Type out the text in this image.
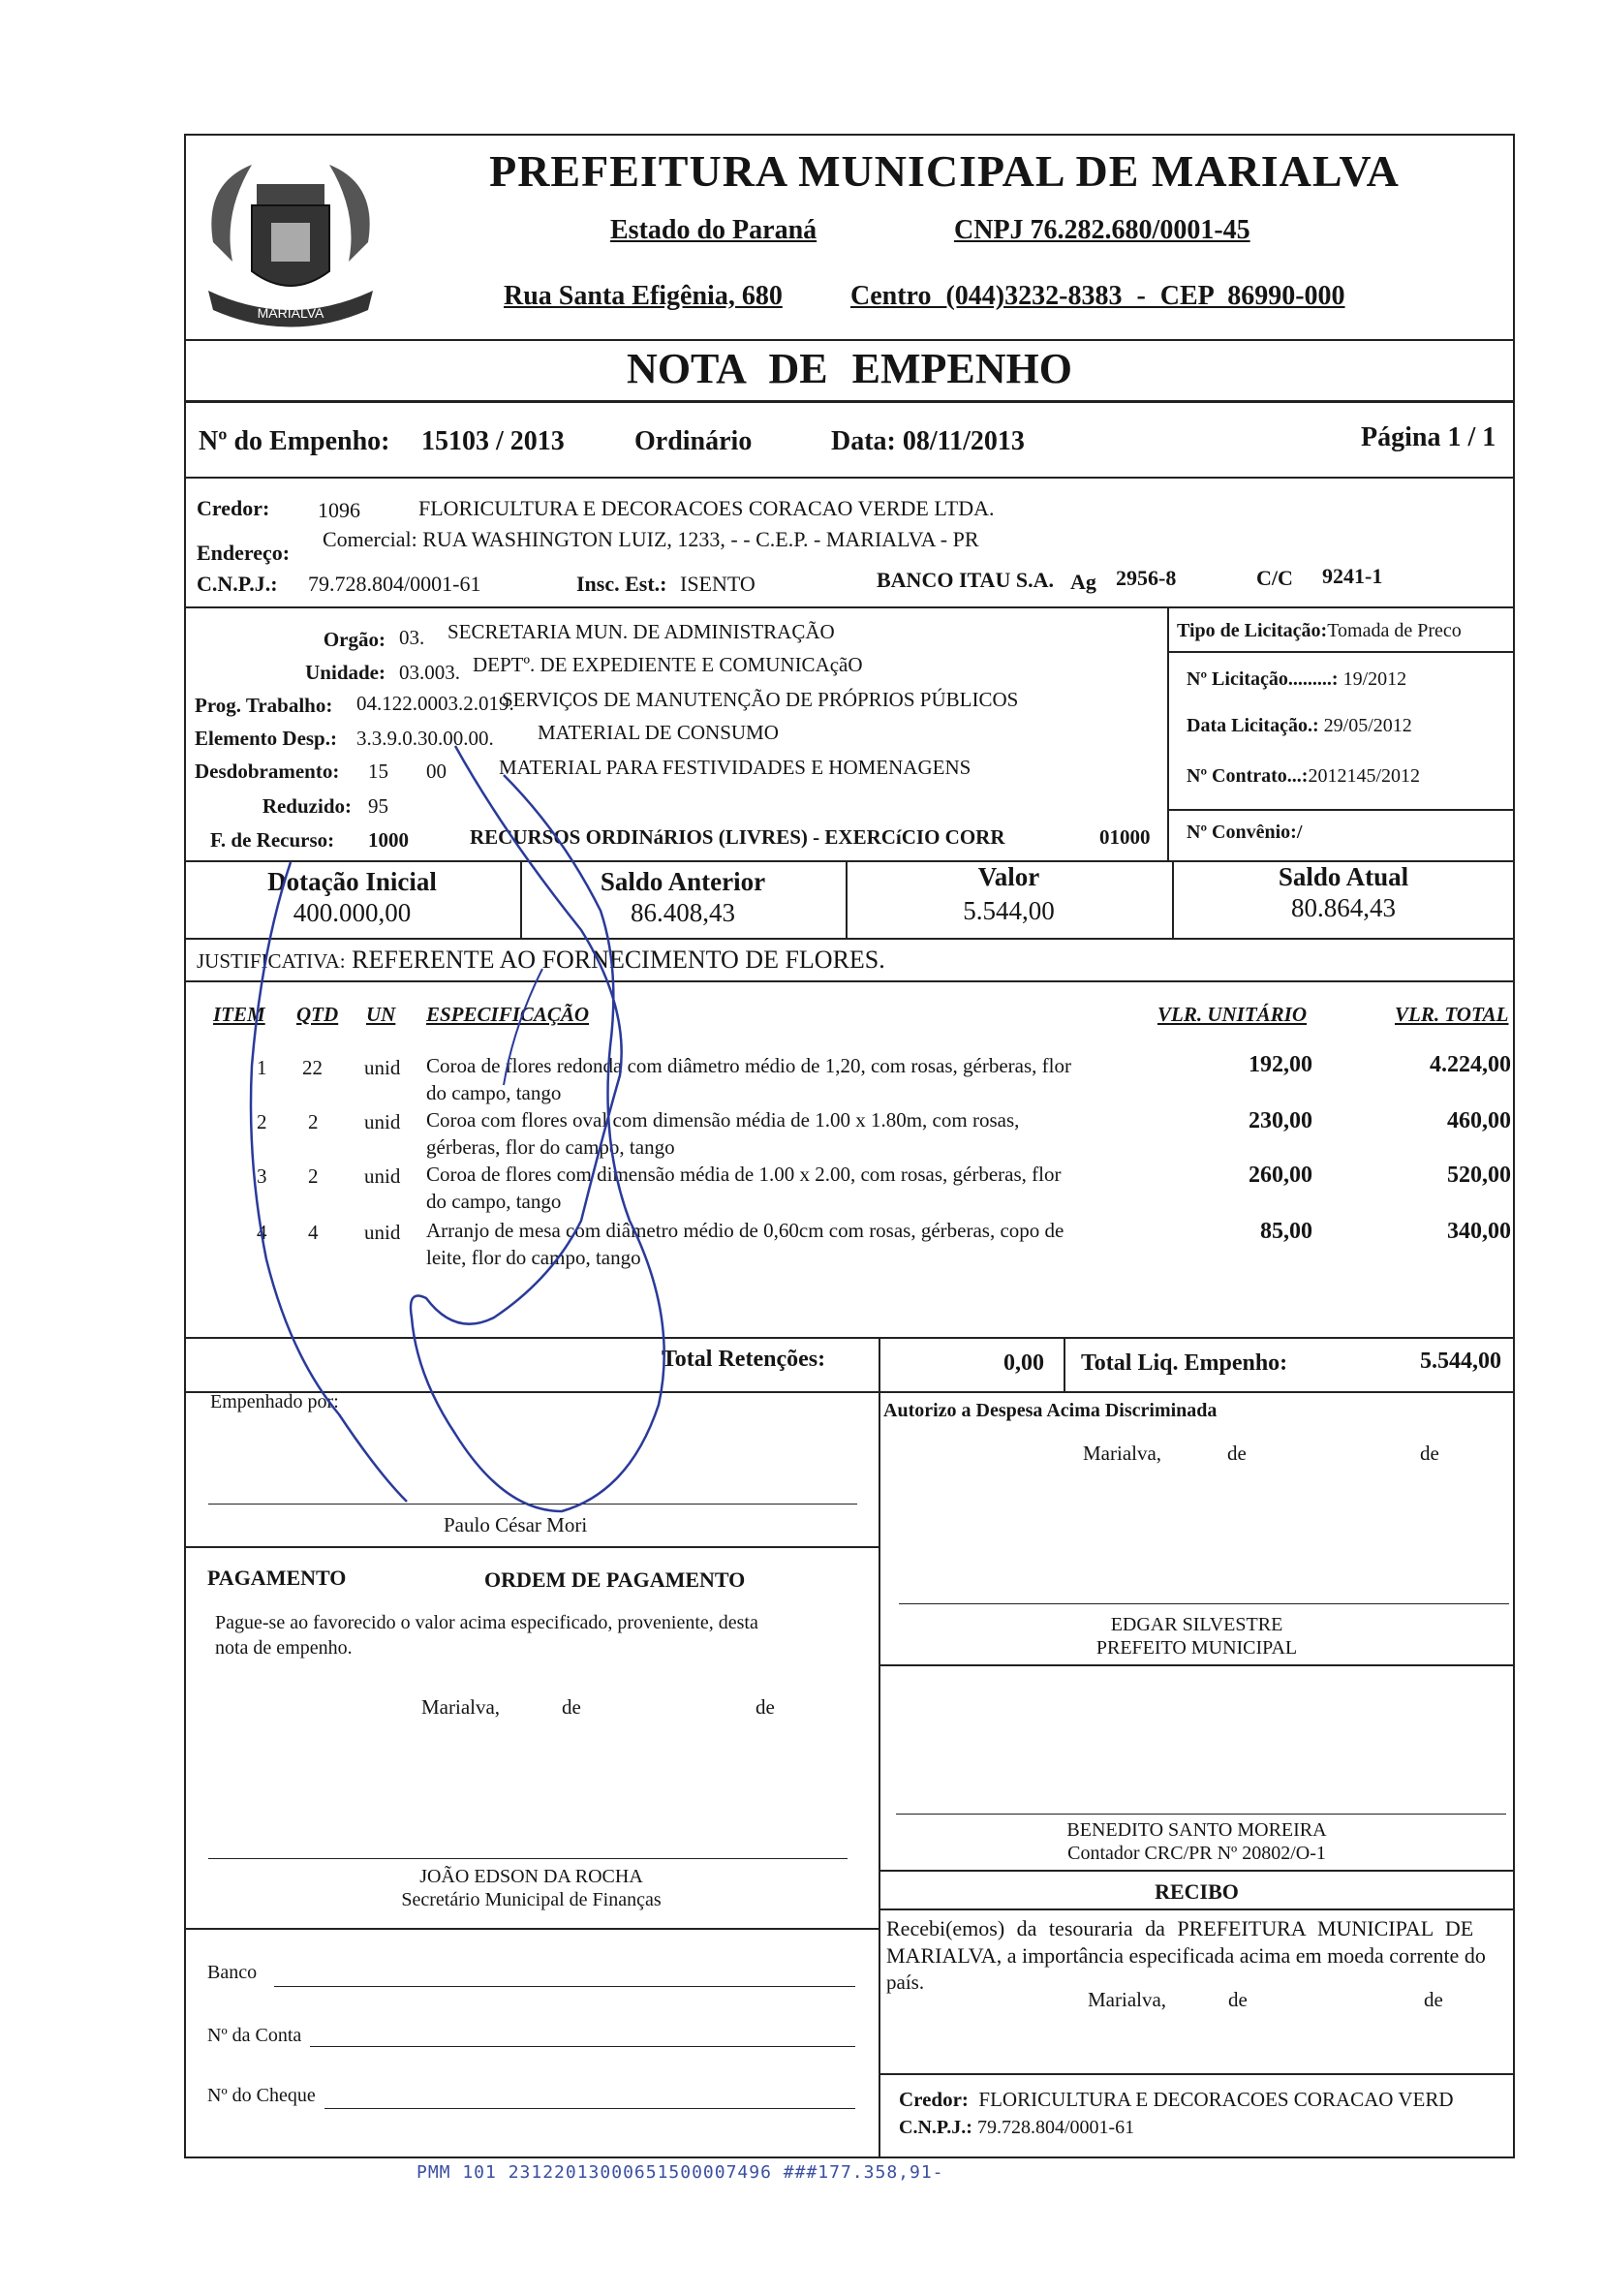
MARIALVA
PREFEITURA MUNICIPAL DE MARIALVA
Estado do Paraná	CNPJ 76.282.680/0001-45
Rua Santa Efigênia, 680	Centro (044)3232-8383 - CEP 86990-000
NOTA DE EMPENHO
Nº do Empenho: 15103 / 2013	Ordinário	Data: 08/11/2013	Página 1 / 1
Credor: 1096	FLORICULTURA E DECORACOES CORACAO VERDE LTDA.
Endereço:
Comercial: RUA WASHINGTON LUIZ, 1233, - - C.E.P. - MARIALVA - PR
C.N.P.J.: 79.728.804/0001-61	Insc. Est.: ISENTO	BANCO ITAU S.A. Ag 2956-8	C/C 9241-1
Orgão: 03. SECRETARIA MUN. DE ADMINISTRAÇÃO
Unidade: 03.003. DEPTº. DE EXPEDIENTE E COMUNICAçãO
Prog. Trabalho: 04.122.0003.2.019.
SERVIÇOS DE MANUTENÇÃO DE PRÓPRIOS PÚBLICOS
Elemento Desp.: 3.3.9.0.30.00.00. MATERIAL DE CONSUMO
Desdobramento: 15 00	MATERIAL PARA FESTIVIDADES E HOMENAGENS
Reduzido: 95
F. de Recurso: 1000	RECURSOS ORDINáRIOS (LIVRES) - EXERCíCIO CORR	01000
Tipo de Licitação:Tomada de Preco
Nº Licitação.........: 19/2012
Data Licitação.: 29/05/2012
Nº Contrato...:2012145/2012
Nº Convênio:/
Dotação Inicial
400.000,00
Saldo Anterior
86.408,43
Valor
5.544,00
Saldo Atual
80.864,43
JUSTIFICATIVA: REFERENTE AO FORNECIMENTO DE FLORES.
ITEM QTD UN ESPECIFICAÇÃO	VLR. UNITÁRIO	VLR. TOTAL
1 22 unid Coroa de flores redonda com diâmetro médio de 1,20, com rosas, gérberas, flor
do campo, tango
192,00	4.224,00
2 2 unid Coroa com flores oval com dimensão média de 1.00 x 1.80m, com rosas,
gérberas, flor do campo, tango
230,00	460,00
3 2 unid Coroa de flores com dimensão média de 1.00 x 2.00, com rosas, gérberas, flor
do campo, tango
260,00	520,00
4 4 unid Arranjo de mesa com diâmetro médio de 0,60cm com rosas, gérberas, copo de
leite, flor do campo, tango
85,00	340,00
Total Retenções:	0,00 Total Liq. Empenho:	5.544,00
Empenhado por:
Paulo César Mori
Autorizo a Despesa Acima Discriminada
Marialva,	de	de
PAGAMENTO	ORDEM DE PAGAMENTO
Pague-se ao favorecido o valor acima especificado, proveniente, desta
nota de empenho.
Marialva,	de	de
EDGAR SILVESTRE
PREFEITO MUNICIPAL
BENEDITO SANTO MOREIRA
Contador CRC/PR Nº 20802/O-1
JOÃO EDSON DA ROCHA
Secretário Municipal de Finanças	RECIBO
Recebi(emos) da tesouraria da PREFEITURA MUNICIPAL DE
MARIALVA, a importância especificada acima em moeda corrente do
país.
Marialva,	de	de
Banco
Nº da Conta
Nº do Cheque	Credor: FLORICULTURA E DECORACOES CORACAO VERD
C.N.P.J.: 79.728.804/0001-61
PMM 101 23122013000651500007496 ###177.358,91-
